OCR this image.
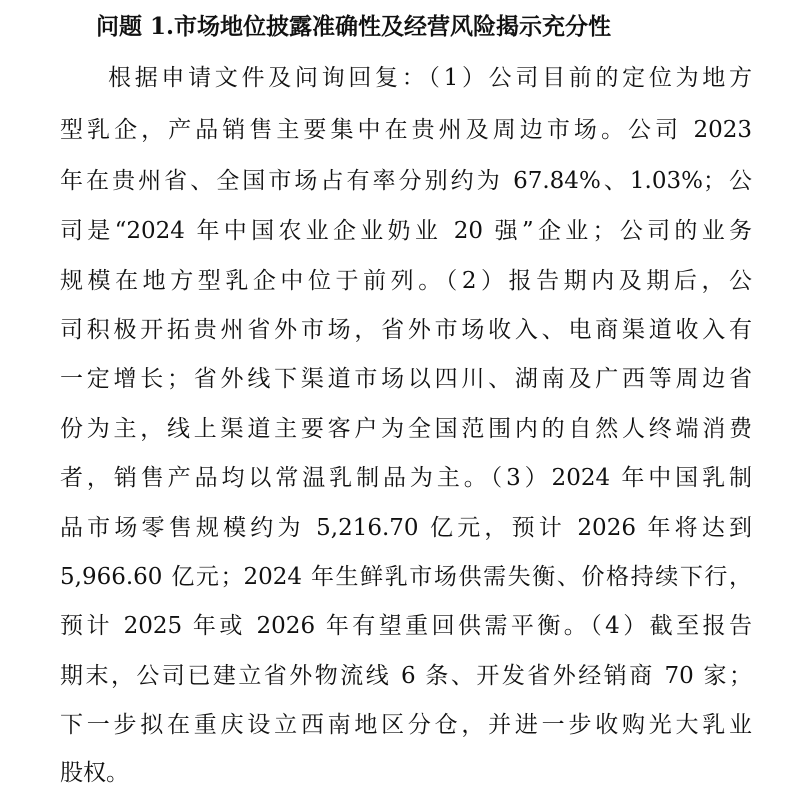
问题 1.市场地位披露准确性及经营风险揭示充分性
根据申请文件及问询回复：（1）公司目前的定位为地方
型乳企，产品销售主要集中在贵州及周边市场。公司 2023
年在贵州省、全国市场占有率分别约为 67.84%、1.03%；公
司是“2024 年中国农业企业奶业 20 强”企业；公司的业务
规模在地方型乳企中位于前列。（2）报告期内及期后，公
司积极开拓贵州省外市场，省外市场收入、电商渠道收入有
一定增长；省外线下渠道市场以四川、湖南及广西等周边省
份为主，线上渠道主要客户为全国范围内的自然人终端消费
者，销售产品均以常温乳制品为主。（3）2024 年中国乳制
品市场零售规模约为 5,216.70 亿元，预计 2026 年将达到
5,966.60 亿元；2024 年生鲜乳市场供需失衡、价格持续下行，
预计 2025 年或 2026 年有望重回供需平衡。（4）截至报告
期末，公司已建立省外物流线 6 条、开发省外经销商 70 家；
下一步拟在重庆设立西南地区分仓，并进一步收购光大乳业
股权。
